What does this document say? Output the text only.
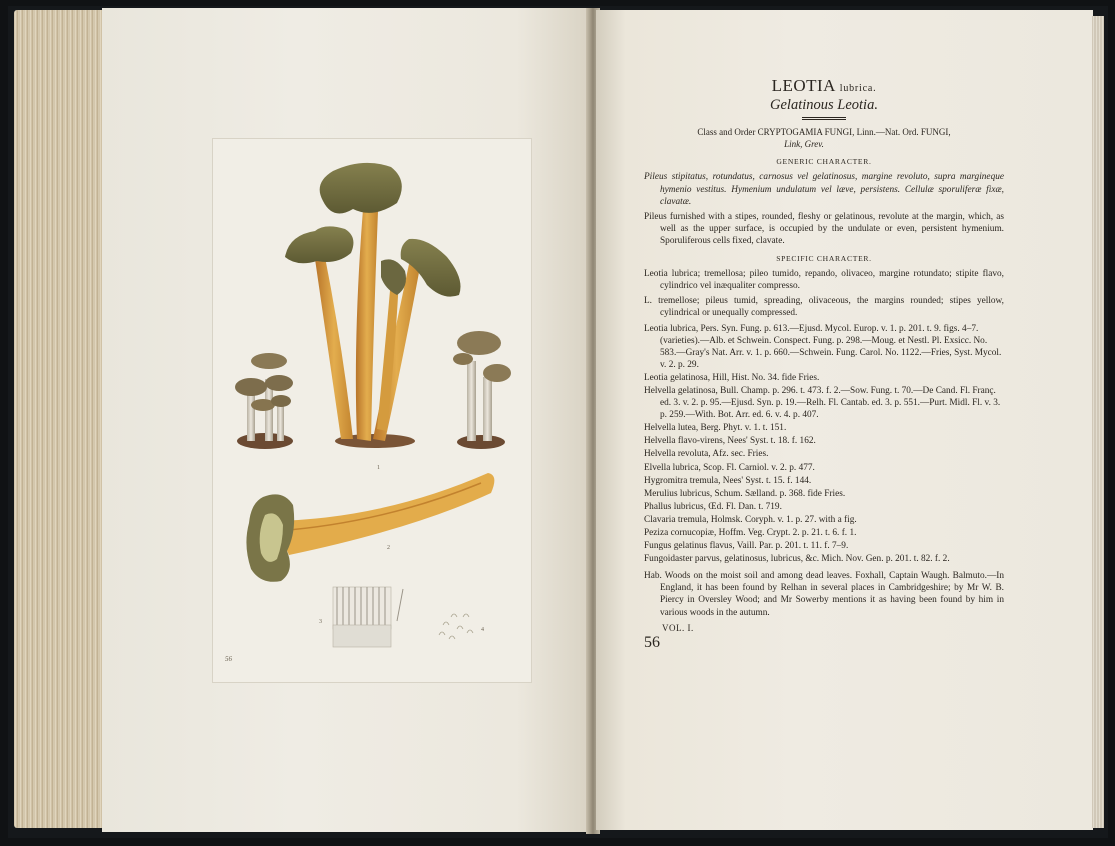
1
2
3
4
56
LEOTIA lubrica.
Gelatinous Leotia.
Class and Order CRYPTOGAMIA FUNGI, Linn.—Nat. Ord. FUNGI,
Link, Grev.
GENERIC CHARACTER.
Pileus stipitatus, rotundatus, carnosus vel gelatinosus, margine revoluto, supra margineque hymenio vestitus. Hymenium undulatum vel læve, persistens. Cellulæ sporuliferæ fixæ, clavatæ.
Pileus furnished with a stipes, rounded, fleshy or gelatinous, revolute at the margin, which, as well as the upper surface, is occupied by the undulate or even, persistent hymenium. Sporuliferous cells fixed, clavate.
SPECIFIC CHARACTER.
Leotia lubrica; tremellosa; pileo tumido, repando, olivaceo, margine rotundato; stipite flavo, cylindrico vel inæqualiter compresso.
L. tremellose; pileus tumid, spreading, olivaceous, the margins rounded; stipes yellow, cylindrical or unequally compressed.
Leotia lubrica, Pers. Syn. Fung. p. 613.—Ejusd. Mycol. Europ. v. 1. p. 201. t. 9. figs. 4–7. (varieties).—Alb. et Schwein. Conspect. Fung. p. 298.—Moug. et Nestl. Pl. Exsicc. No. 583.—Gray's Nat. Arr. v. 1. p. 660.—Schwein. Fung. Carol. No. 1122.—Fries, Syst. Mycol. v. 2. p. 29.
Leotia gelatinosa, Hill, Hist. No. 34. fide Fries.
Helvella gelatinosa, Bull. Champ. p. 296. t. 473. f. 2.—Sow. Fung. t. 70.—De Cand. Fl. Franç. ed. 3. v. 2. p. 95.—Ejusd. Syn. p. 19.—Relh. Fl. Cantab. ed. 3. p. 551.—Purt. Midl. Fl. v. 3. p. 259.—With. Bot. Arr. ed. 6. v. 4. p. 407.
Helvella lutea, Berg. Phyt. v. 1. t. 151.
Helvella flavo-virens, Nees' Syst. t. 18. f. 162.
Helvella revoluta, Afz. sec. Fries.
Elvella lubrica, Scop. Fl. Carniol. v. 2. p. 477.
Hygromitra tremula, Nees' Syst. t. 15. f. 144.
Merulius lubricus, Schum. Sælland. p. 368. fide Fries.
Phallus lubricus, Œd. Fl. Dan. t. 719.
Clavaria tremula, Holmsk. Coryph. v. 1. p. 27. with a fig.
Peziza cornucopiæ, Hoffm. Veg. Crypt. 2. p. 21. t. 6. f. 1.
Fungus gelatinus flavus, Vaill. Par. p. 201. t. 11. f. 7–9.
Fungoidaster parvus, gelatinosus, lubricus, &c. Mich. Nov. Gen. p. 201. t. 82. f. 2.
Hab. Woods on the moist soil and among dead leaves. Foxhall, Captain Waugh. Balmuto.—In England, it has been found by Relhan in several places in Cambridgeshire; by Mr W. B. Piercy in Oversley Wood; and Mr Sowerby mentions it as having been found by him in various woods in the autumn.
VOL. I.
56
